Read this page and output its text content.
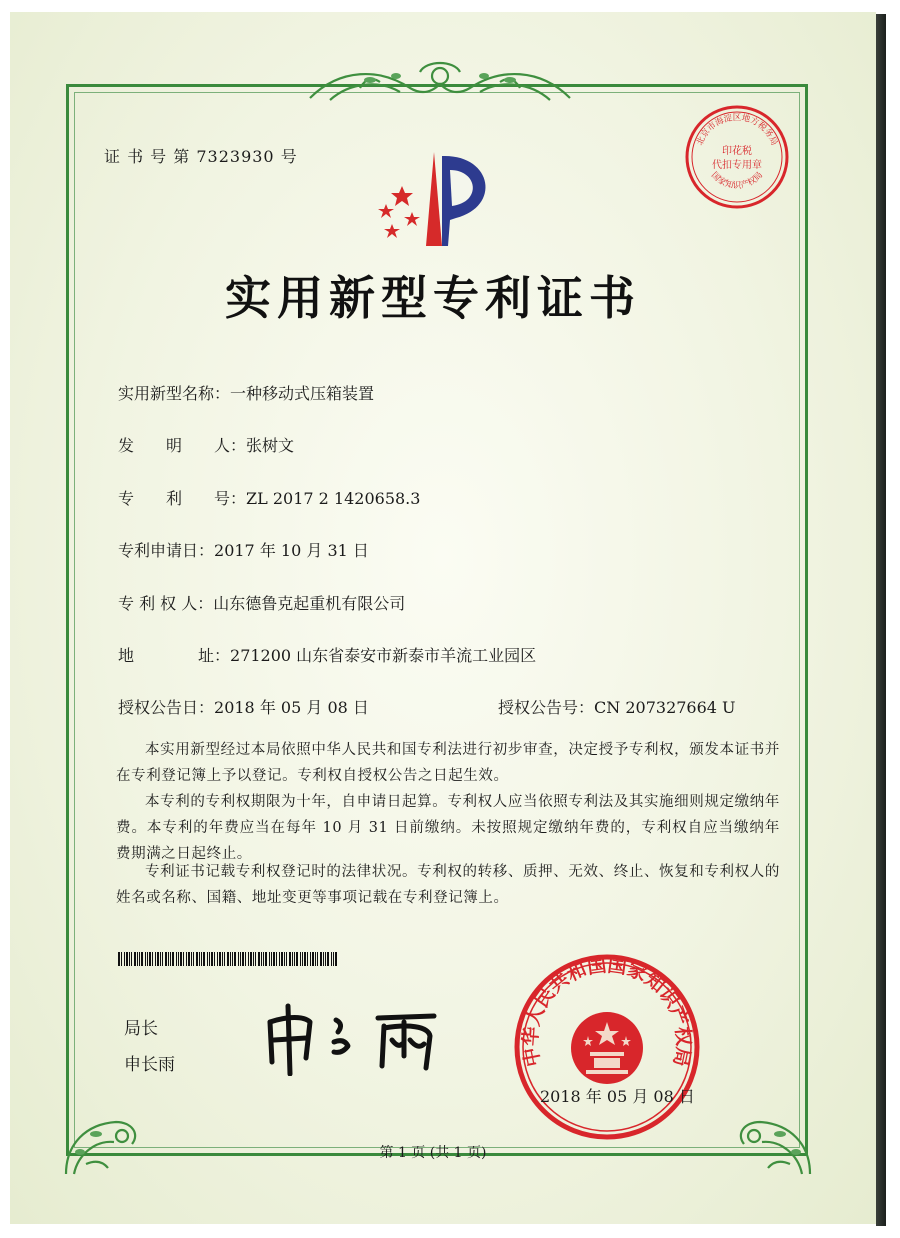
证 书 号 第 7323930 号
北京市海淀区地方税务局
印花税
代扣专用章
国家知识产权局
实用新型专利证书
实用新型名称：一种移动式压箱装置
发　　明　　人：张树文
专　　利　　号：ZL 2017 2 1420658.3
专利申请日：2017 年 10 月 31 日
专 利 权 人：山东德鲁克起重机有限公司
地　　　　址：271200 山东省泰安市新泰市羊流工业园区
授权公告日：2018 年 05 月 08 日	授权公告号：CN 207327664 U
本实用新型经过本局依照中华人民共和国专利法进行初步审查，决定授予专利权，颁发本证书并在专利登记簿上予以登记。专利权自授权公告之日起生效。
本专利的专利权期限为十年，自申请日起算。专利权人应当依照专利法及其实施细则规定缴纳年费。本专利的年费应当在每年 10 月 31 日前缴纳。未按照规定缴纳年费的，专利权自应当缴纳年费期满之日起终止。
专利证书记载专利权登记时的法律状况。专利权的转移、质押、无效、终止、恢复和专利权人的姓名或名称、国籍、地址变更等事项记载在专利登记簿上。
局长
申长雨	中华人民共和国国家知识产权局
2018 年 05 月 08 日
第 1 页 (共 1 页)
